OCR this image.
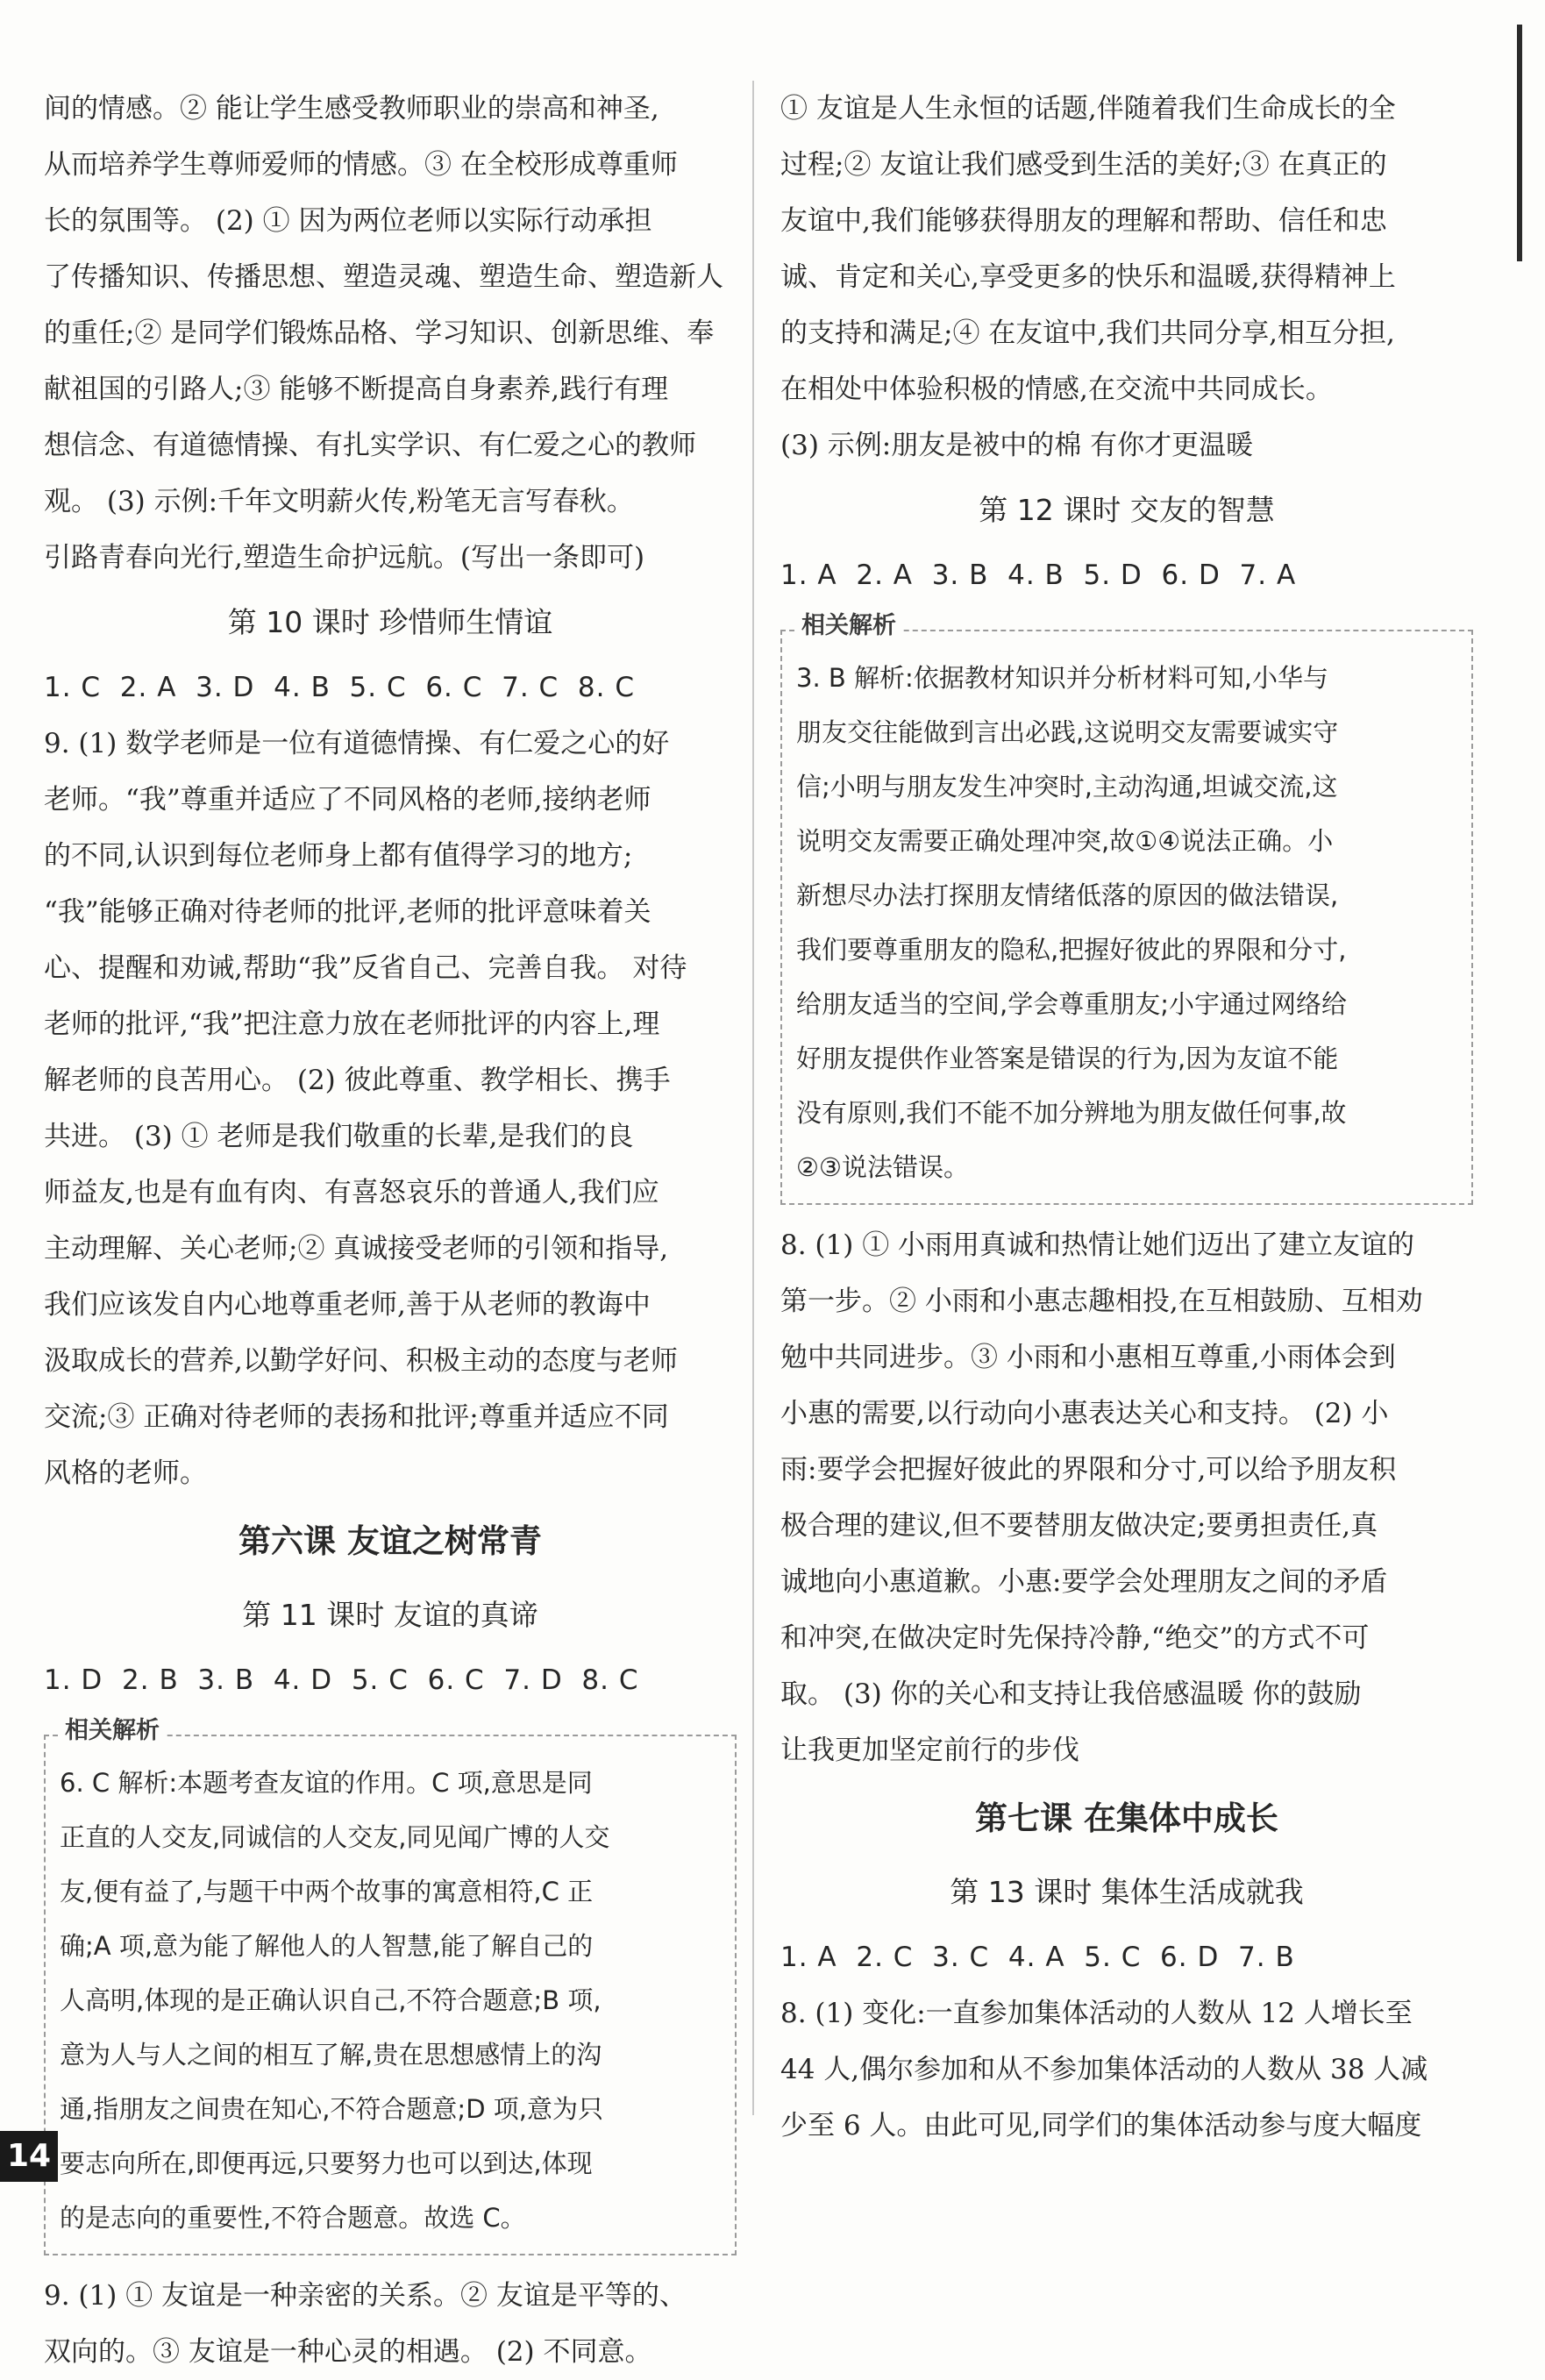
间的情感。② 能让学生感受教师职业的崇高和神圣,

从而培养学生尊师爱师的情感。③ 在全校形成尊重师

长的氛围等。 (2) ① 因为两位老师以实际行动承担

了传播知识、传播思想、塑造灵魂、塑造生命、塑造新人

的重任;② 是同学们锻炼品格、学习知识、创新思维、奉

献祖国的引路人;③ 能够不断提高自身素养,践行有理

想信念、有道德情操、有扎实学识、有仁爱之心的教师

观。 (3) 示例:千年文明薪火传,粉笔无言写春秋。

引路青春向光行,塑造生命护远航。(写出一条即可)

第 10 课时 珍惜师生情谊

1. C  2. A  3. D  4. B  5. C  6. C  7. C  8. C

9. (1) 数学老师是一位有道德情操、有仁爱之心的好

老师。“我”尊重并适应了不同风格的老师,接纳老师

的不同,认识到每位老师身上都有值得学习的地方;

“我”能够正确对待老师的批评,老师的批评意味着关

心、提醒和劝诫,帮助“我”反省自己、完善自我。 对待

老师的批评,“我”把注意力放在老师批评的内容上,理

解老师的良苦用心。 (2) 彼此尊重、教学相长、携手

共进。 (3) ① 老师是我们敬重的长辈,是我们的良

师益友,也是有血有肉、有喜怒哀乐的普通人,我们应

主动理解、关心老师;② 真诚接受老师的引领和指导,

我们应该发自内心地尊重老师,善于从老师的教诲中

汲取成长的营养,以勤学好问、积极主动的态度与老师

交流;③ 正确对待老师的表扬和批评;尊重并适应不同

风格的老师。

第六课 友谊之树常青
第 11 课时 友谊的真谛

1. D  2. B  3. B  4. D  5. C  6. C  7. D  8. C

相关解析

6. C 解析:本题考查友谊的作用。C 项,意思是同

正直的人交友,同诚信的人交友,同见闻广博的人交

友,便有益了,与题干中两个故事的寓意相符,C 正

确;A 项,意为能了解他人的人智慧,能了解自己的

人高明,体现的是正确认识自己,不符合题意;B 项,

意为人与人之间的相互了解,贵在思想感情上的沟

通,指朋友之间贵在知心,不符合题意;D 项,意为只

要志向所在,即便再远,只要努力也可以到达,体现

的是志向的重要性,不符合题意。故选 C。

9. (1) ① 友谊是一种亲密的关系。② 友谊是平等的、

双向的。③ 友谊是一种心灵的相遇。 (2) 不同意。

① 友谊是人生永恒的话题,伴随着我们生命成长的全

过程;② 友谊让我们感受到生活的美好;③ 在真正的

友谊中,我们能够获得朋友的理解和帮助、信任和忠

诚、肯定和关心,享受更多的快乐和温暖,获得精神上

的支持和满足;④ 在友谊中,我们共同分享,相互分担,

在相处中体验积极的情感,在交流中共同成长。

(3) 示例:朋友是被中的棉 有你才更温暖

第 12 课时 交友的智慧

1. A  2. A  3. B  4. B  5. D  6. D  7. A

相关解析

3. B 解析:依据教材知识并分析材料可知,小华与

朋友交往能做到言出必践,这说明交友需要诚实守

信;小明与朋友发生冲突时,主动沟通,坦诚交流,这

说明交友需要正确处理冲突,故①④说法正确。小

新想尽办法打探朋友情绪低落的原因的做法错误,

我们要尊重朋友的隐私,把握好彼此的界限和分寸,

给朋友适当的空间,学会尊重朋友;小宇通过网络给

好朋友提供作业答案是错误的行为,因为友谊不能

没有原则,我们不能不加分辨地为朋友做任何事,故

②③说法错误。

8. (1) ① 小雨用真诚和热情让她们迈出了建立友谊的

第一步。② 小雨和小惠志趣相投,在互相鼓励、互相劝

勉中共同进步。③ 小雨和小惠相互尊重,小雨体会到

小惠的需要,以行动向小惠表达关心和支持。 (2) 小

雨:要学会把握好彼此的界限和分寸,可以给予朋友积

极合理的建议,但不要替朋友做决定;要勇担责任,真

诚地向小惠道歉。小惠:要学会处理朋友之间的矛盾

和冲突,在做决定时先保持冷静,“绝交”的方式不可

取。 (3) 你的关心和支持让我倍感温暖 你的鼓励

让我更加坚定前行的步伐

第七课 在集体中成长
第 13 课时 集体生活成就我

1. A  2. C  3. C  4. A  5. C  6. D  7. B

8. (1) 变化:一直参加集体活动的人数从 12 人增长至

44 人,偶尔参加和从不参加集体活动的人数从 38 人减

少至 6 人。由此可见,同学们的集体活动参与度大幅度

14
